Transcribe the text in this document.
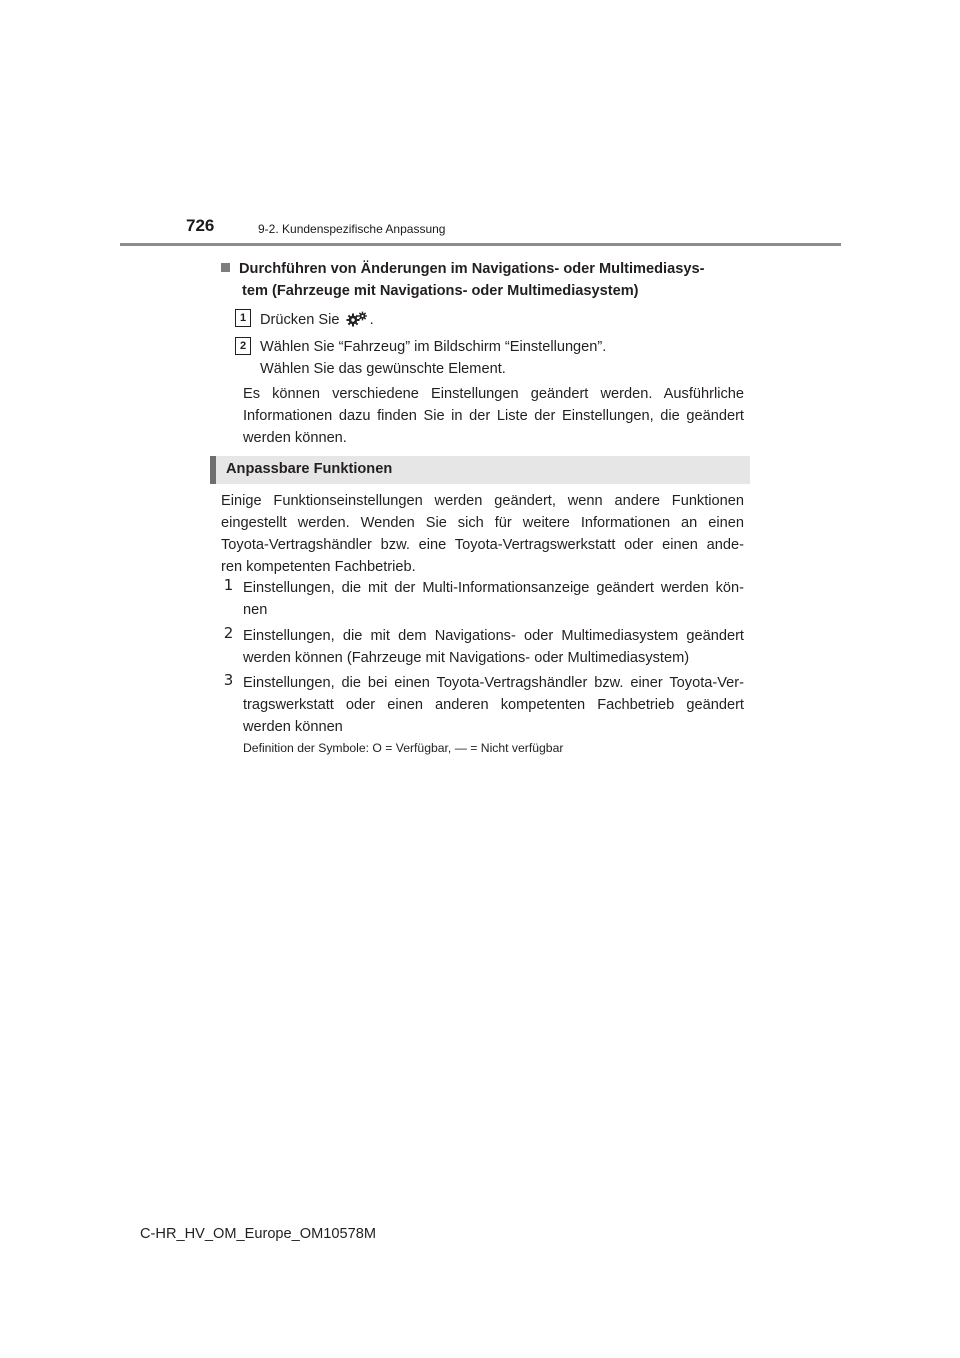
726	9-2. Kundenspezifische Anpassung
Durchführen von Änderungen im Navigations- oder Multimediasys-
tem (Fahrzeuge mit Navigations- oder Multimediasystem)
1 Drücken Sie .
2 Wählen Sie “Fahrzeug” im Bildschirm “Einstellungen”.
Wählen Sie das gewünschte Element.
Es können verschiedene Einstellungen geändert werden. Ausführliche
Informationen dazu finden Sie in der Liste der Einstellungen, die geändert
werden können.
Anpassbare Funktionen
Einige Funktionseinstellungen werden geändert, wenn andere Funktionen
eingestellt werden. Wenden Sie sich für weitere Informationen an einen
Toyota-Vertragshändler bzw. eine Toyota-Vertragswerkstatt oder einen ande-
ren kompetenten Fachbetrieb.
1 Einstellungen, die mit der Multi-Informationsanzeige geändert werden kön-
nen
2 Einstellungen, die mit dem Navigations- oder Multimediasystem geändert
werden können (Fahrzeuge mit Navigations- oder Multimediasystem)
3 Einstellungen, die bei einen Toyota-Vertragshändler bzw. einer Toyota-Ver-
tragswerkstatt oder einen anderen kompetenten Fachbetrieb geändert
werden können
Definition der Symbole: O = Verfügbar, — = Nicht verfügbar
C-HR_HV_OM_Europe_OM10578M
